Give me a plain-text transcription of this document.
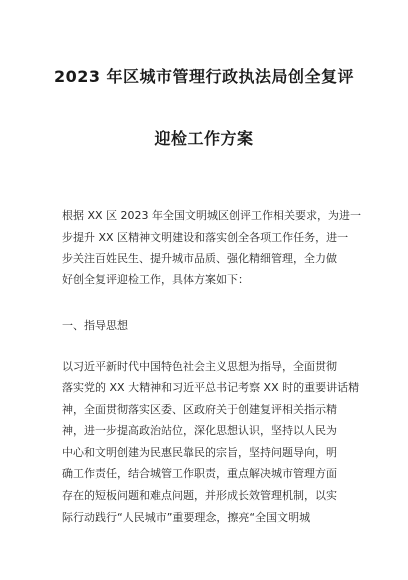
2023 年区城市管理行政执法局创全复评
迎检工作方案
根据 XX 区 2023 年全国文明城区创评工作相关要求，为进一
步提升 XX 区精神文明建设和落实创全各项工作任务，进一
步关注百姓民生、提升城市品质、强化精细管理，全力做
好创全复评迎检工作，具体方案如下：
一、指导思想
以习近平新时代中国特色社会主义思想为指导，全面贯彻
落实党的 XX 大精神和习近平总书记考察 XX 时的重要讲话精
神，全面贯彻落实区委、区政府关于创建复评相关指示精
神，进一步提高政治站位，深化思想认识，坚持以人民为
中心和文明创建为民惠民靠民的宗旨，坚持问题导向，明
确工作责任，结合城管工作职责，重点解决城市管理方面
存在的短板问题和难点问题，并形成长效管理机制，以实
际行动践行“人民城市”重要理念，擦亮“全国文明城
